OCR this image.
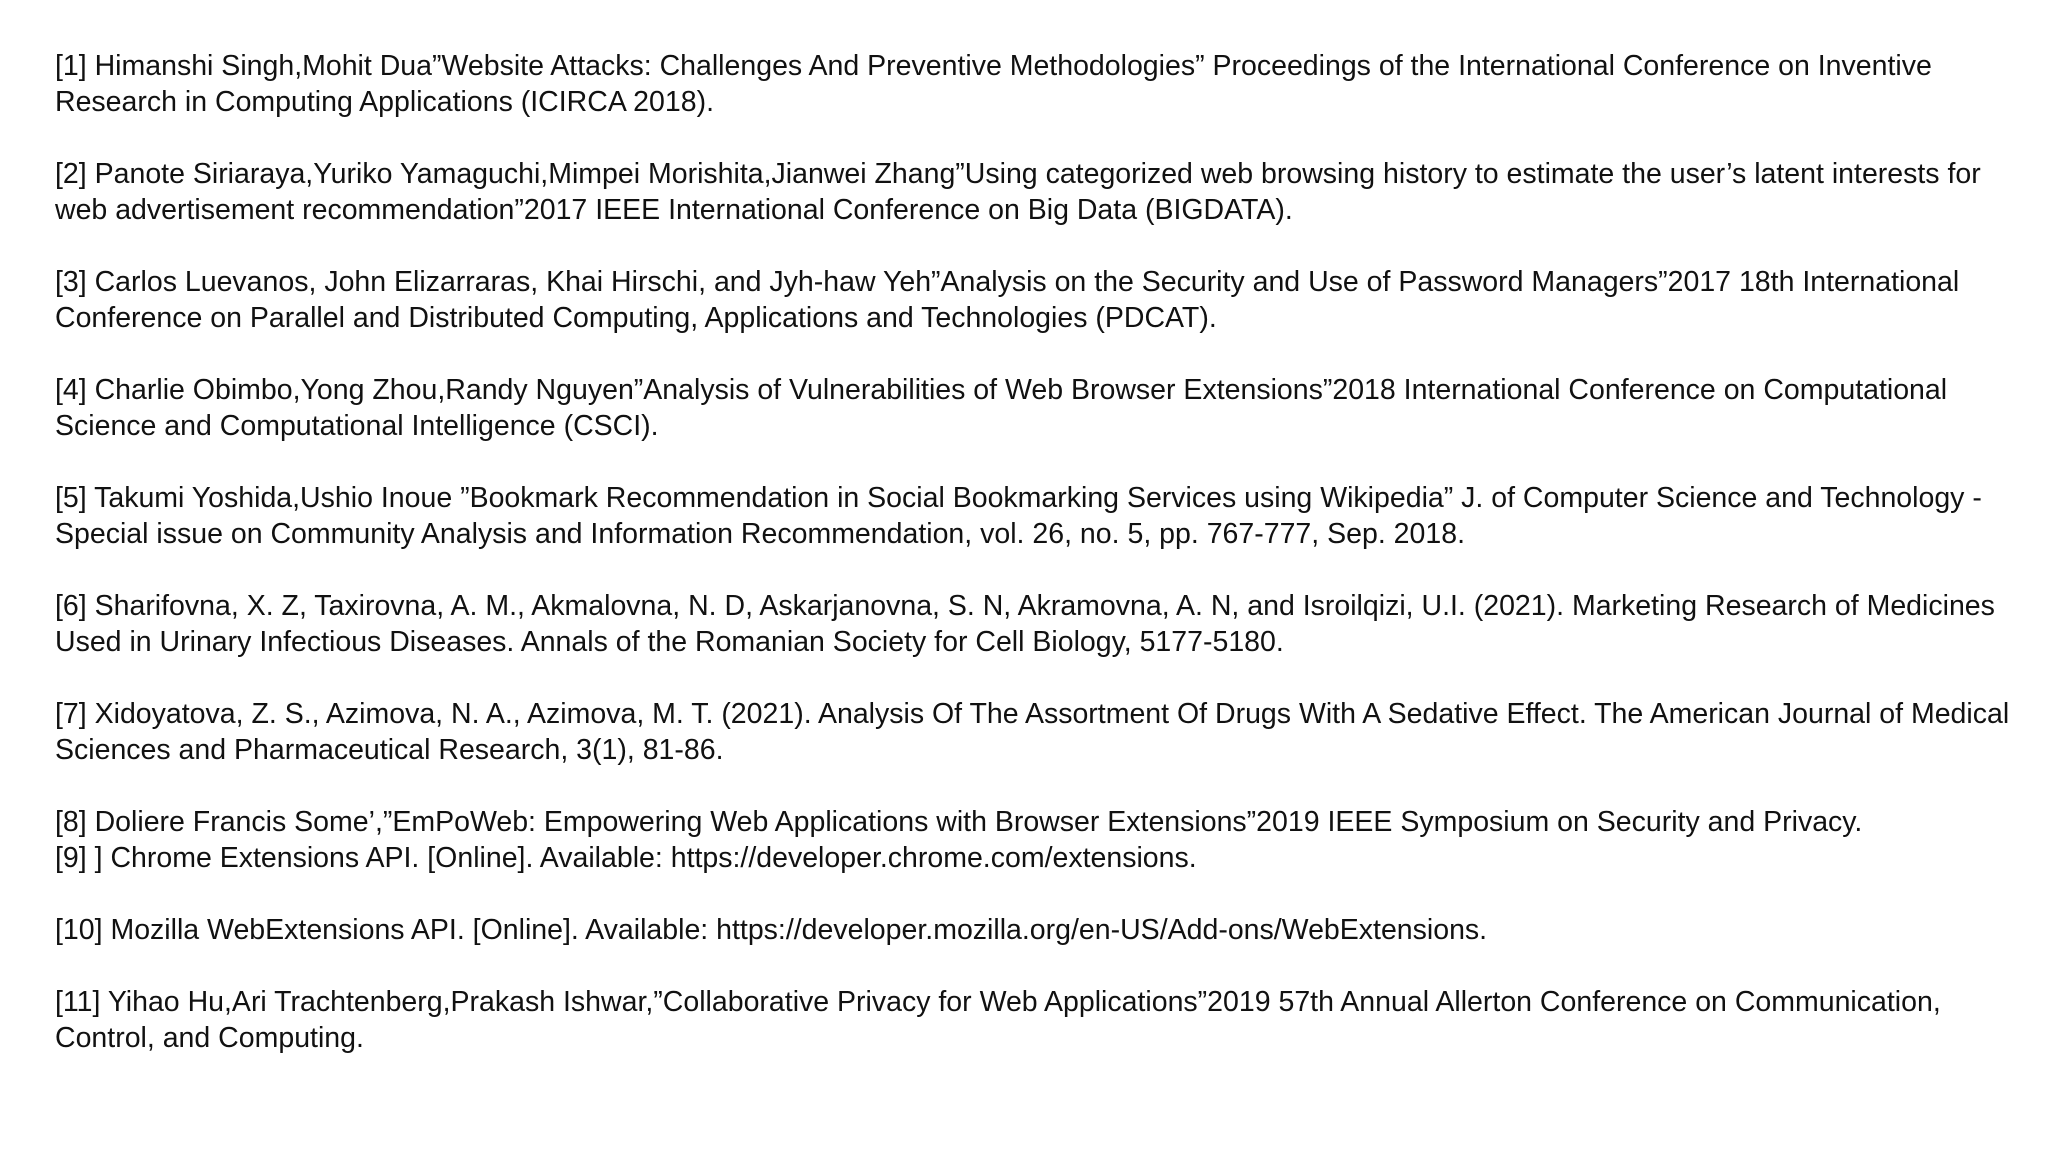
[1] Himanshi Singh,Mohit Dua”Website Attacks: Challenges And Preventive Methodologies” Proceedings of the International Conference on Inventive Research in Computing Applications (ICIRCA 2018).

[2] Panote Siriaraya,Yuriko Yamaguchi,Mimpei Morishita,Jianwei Zhang”Using categorized web browsing history to estimate the user’s latent interests for web advertisement recommendation”2017 IEEE International Conference on Big Data (BIGDATA).

[3] Carlos Luevanos, John Elizarraras, Khai Hirschi, and Jyh-haw Yeh”Analysis on the Security and Use of Password Managers”2017 18th International Conference on Parallel and Distributed Computing, Applications and Technologies (PDCAT).

[4] Charlie Obimbo,Yong Zhou,Randy Nguyen”Analysis of Vulnerabilities of Web Browser Extensions”2018 International Conference on Computational Science and Computational Intelligence (CSCI).

[5] Takumi Yoshida,Ushio Inoue ”Bookmark Recommendation in Social Bookmarking Services using Wikipedia” J. of Computer Science and Technology - Special issue on Community Analysis and Information Recommendation, vol. 26, no. 5, pp. 767-777, Sep. 2018.

[6] Sharifovna, X. Z, Taxirovna, A. M., Akmalovna, N. D, Askarjanovna, S. N, Akramovna, A. N, and Isroilqizi, U.I. (2021). Marketing Research of Medicines Used in Urinary Infectious Diseases. Annals of the Romanian Society for Cell Biology, 5177-5180.

[7] Xidoyatova, Z. S., Azimova, N. A., Azimova, M. T. (2021). Analysis Of The Assortment Of Drugs With A Sedative Effect. The American Journal of Medical Sciences and Pharmaceutical Research, 3(1), 81-86.

[8] Doliere Francis Some’,”EmPoWeb: Empowering Web Applications with Browser Extensions”2019 IEEE Symposium on Security and Privacy.

[9] ] Chrome Extensions API. [Online]. Available: https://developer.chrome.com/extensions.

[10] Mozilla WebExtensions API. [Online]. Available: https://developer.mozilla.org/en-US/Add-ons/WebExtensions.

[11] Yihao Hu,Ari Trachtenberg,Prakash Ishwar,”Collaborative Privacy for Web Applications”2019 57th Annual Allerton Conference on Communication, Control, and Computing.
